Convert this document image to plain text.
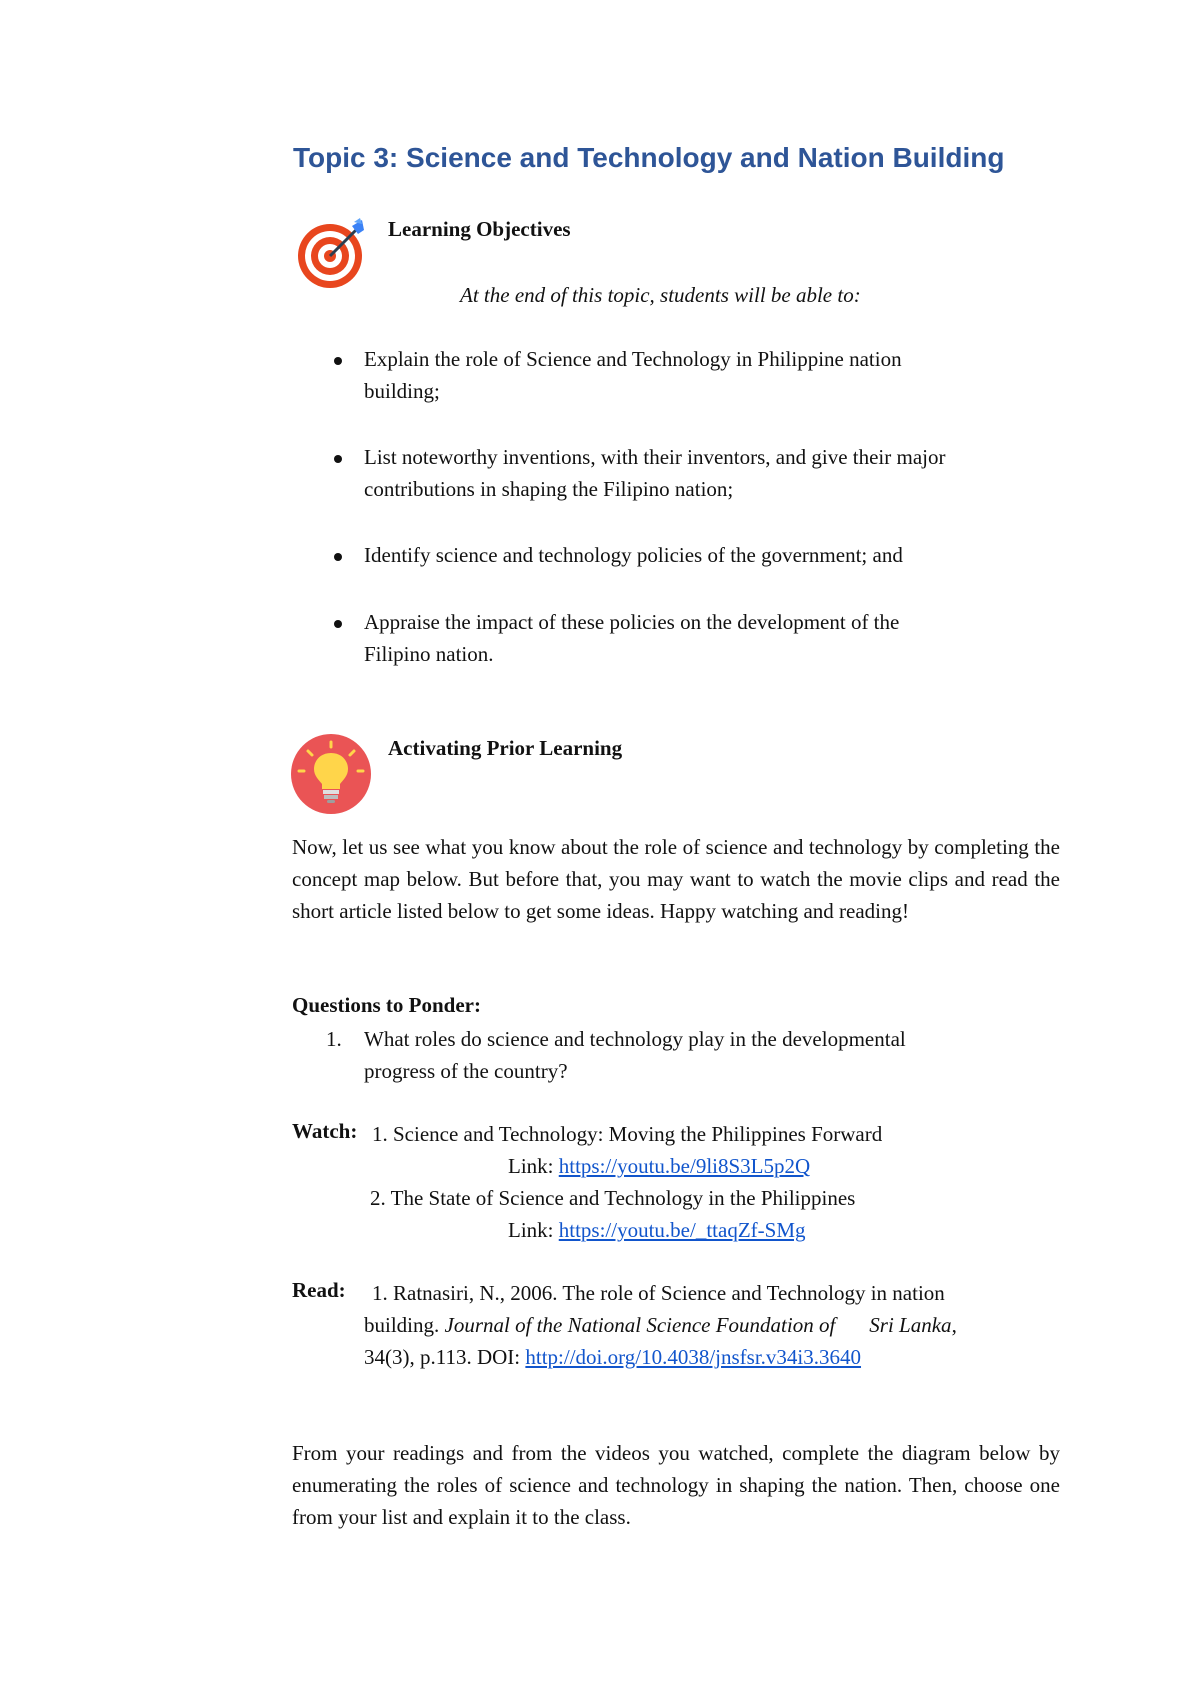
Topic 3: Science and Technology and Nation Building
Learning Objectives
At the end of this topic, students will be able to:
Explain the role of Science and Technology in Philippine nation
building;
List noteworthy inventions, with their inventors, and give their major
contributions in shaping the Filipino nation;
Identify science and technology policies of the government; and
Appraise the impact of these policies on the development of the
Filipino nation.
Activating Prior Learning
Now, let us see what you know about the role of science and technology by completing the concept map below. But before that, you may want to watch the movie clips and read the short article listed below to get some ideas. Happy watching and reading!
Questions to Ponder:
1. What roles do science and technology play in the developmental
progress of the country?
Watch: 1. Science and Technology: Moving the Philippines Forward
Link: https://youtu.be/9li8S3L5p2Q
2. The State of Science and Technology in the Philippines
Link: https://youtu.be/_ttaqZf-SMg
Read: 1. Ratnasiri, N., 2006. The role of Science and Technology in nation
building. Journal of the National Science Foundation of Sri Lanka,
34(3), p.113. DOI: http://doi.org/10.4038/jnsfsr.v34i3.3640
From your readings and from the videos you watched, complete the diagram below by enumerating the roles of science and technology in shaping the nation. Then, choose one from your list and explain it to the class.
